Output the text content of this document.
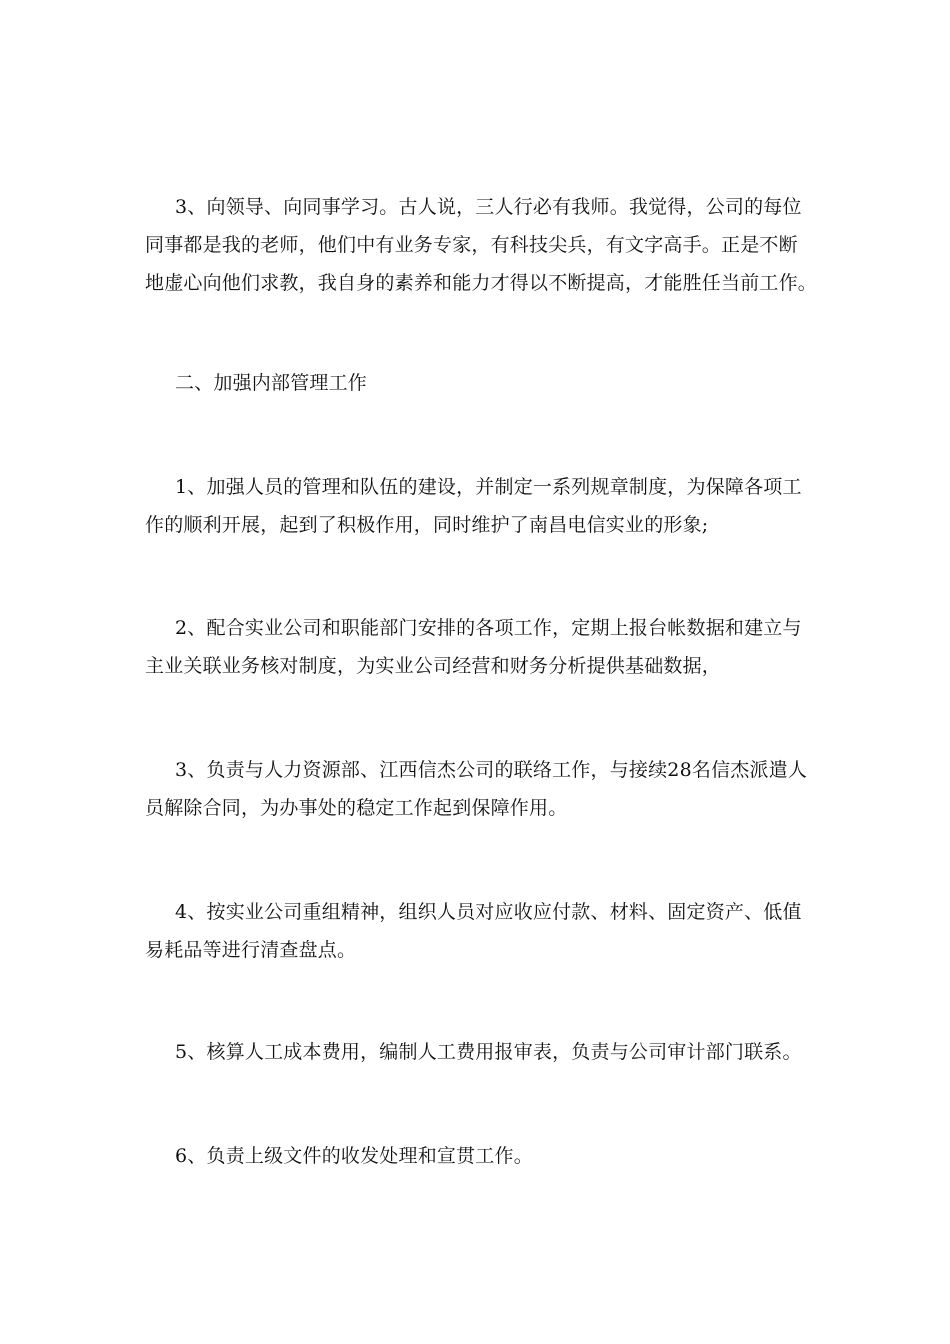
3、向领导、向同事学习。古人说，三人行必有我师。我觉得，公司的每位
同事都是我的老师，他们中有业务专家，有科技尖兵，有文字高手。正是不断
地虚心向他们求教，我自身的素养和能力才得以不断提高，才能胜任当前工作。
二、加强内部管理工作
1、加强人员的管理和队伍的建设，并制定一系列规章制度，为保障各项工
作的顺利开展，起到了积极作用，同时维护了南昌电信实业的形象;
2、配合实业公司和职能部门安排的各项工作，定期上报台帐数据和建立与
主业关联业务核对制度，为实业公司经营和财务分析提供基础数据，
3、负责与人力资源部、江西信杰公司的联络工作，与接续28名信杰派遣人
员解除合同，为办事处的稳定工作起到保障作用。
4、按实业公司重组精神，组织人员对应收应付款、材料、固定资产、低值
易耗品等进行清查盘点。
5、核算人工成本费用，编制人工费用报审表，负责与公司审计部门联系。
6、负责上级文件的收发处理和宣贯工作。
